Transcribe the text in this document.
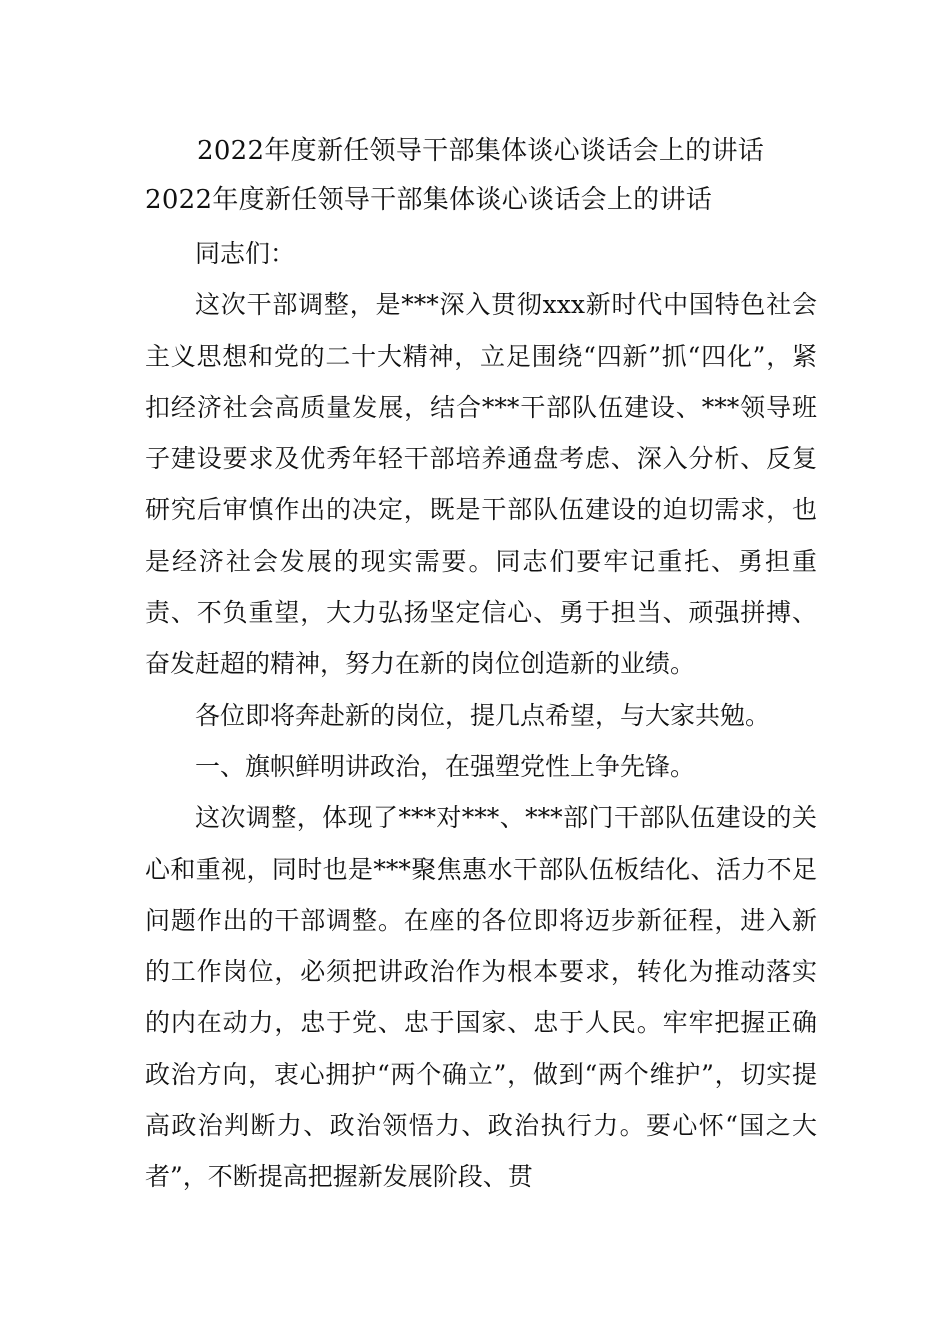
2022年度新任领导干部集体谈心谈话会上的讲话
2022年度新任领导干部集体谈心谈话会上的讲话

同志们：

这次干部调整，是***深入贯彻xxx新时代中国特色社会主义思想和党的二十大精神，立足围绕“四新”抓“四化”，紧扣经济社会高质量发展，结合***干部队伍建设、***领导班子建设要求及优秀年轻干部培养通盘考虑、深入分析、反复研究后审慎作出的决定，既是干部队伍建设的迫切需求，也是经济社会发展的现实需要。同志们要牢记重托、勇担重责、不负重望，大力弘扬坚定信心、勇于担当、顽强拼搏、奋发赶超的精神，努力在新的岗位创造新的业绩。

各位即将奔赴新的岗位，提几点希望，与大家共勉。

一、旗帜鲜明讲政治，在强塑党性上争先锋。

这次调整，体现了***对***、***部门干部队伍建设的关心和重视，同时也是***聚焦惠水干部队伍板结化、活力不足问题作出的干部调整。在座的各位即将迈步新征程，进入新的工作岗位，必须把讲政治作为根本要求，转化为推动落实的内在动力，忠于党、忠于国家、忠于人民。牢牢把握正确政治方向，衷心拥护“两个确立”，做到“两个维护”，切实提高政治判断力、政治领悟力、政治执行力。要心怀“国之大者”，不断提高把握新发展阶段、贯
